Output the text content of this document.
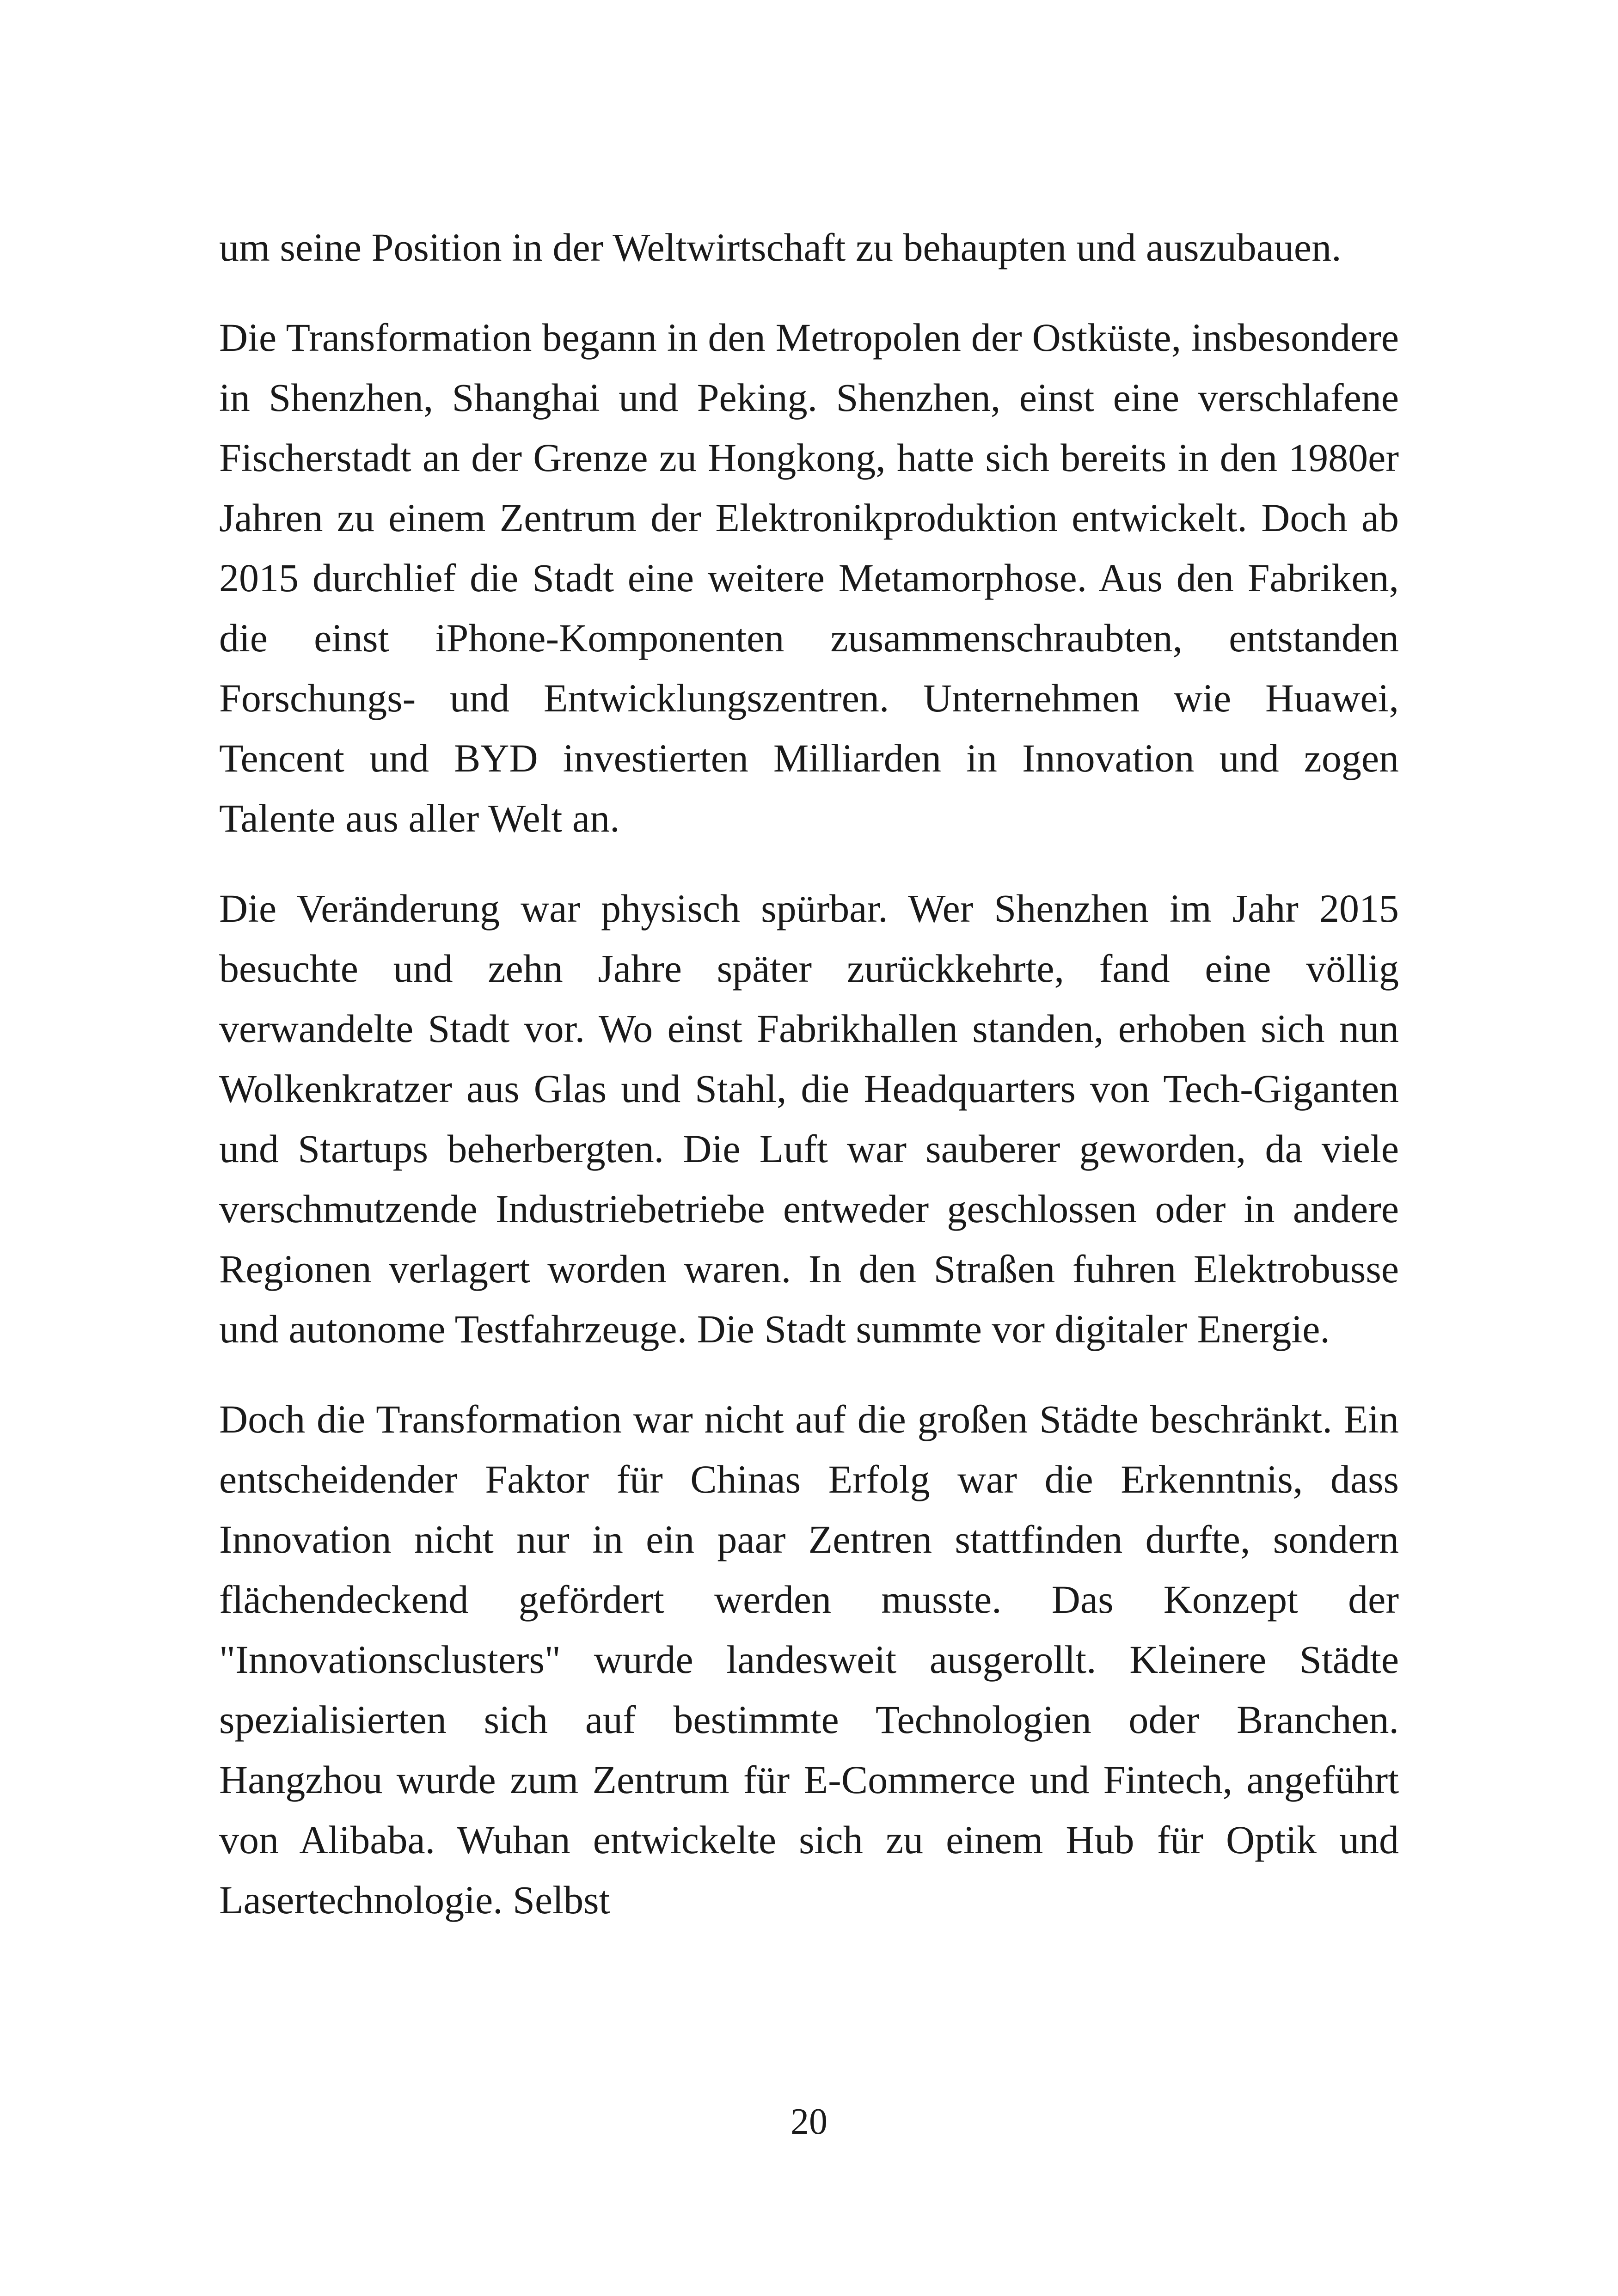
um seine Position in der Weltwirtschaft zu behaupten und auszubauen.

Die Transformation begann in den Metropolen der Ostküste, insbesondere in Shenzhen, Shanghai und Peking. Shenzhen, einst eine verschlafene Fischerstadt an der Grenze zu Hongkong, hatte sich bereits in den 1980er Jahren zu einem Zentrum der Elektronikproduktion entwickelt. Doch ab 2015 durchlief die Stadt eine weitere Metamorphose. Aus den Fabriken, die einst iPhone-Komponenten zusammenschraubten, entstanden Forschungs- und Entwicklungszentren. Unternehmen wie Huawei, Tencent und BYD investierten Milliarden in Innovation und zogen Talente aus aller Welt an.

Die Veränderung war physisch spürbar. Wer Shenzhen im Jahr 2015 besuchte und zehn Jahre später zurückkehrte, fand eine völlig verwandelte Stadt vor. Wo einst Fabrikhallen standen, erhoben sich nun Wolkenkratzer aus Glas und Stahl, die Headquarters von Tech-Giganten und Startups beherbergten. Die Luft war sauberer geworden, da viele verschmutzende Industriebetriebe entweder geschlossen oder in andere Regionen verlagert worden waren. In den Straßen fuhren Elektrobusse und autonome Testfahrzeuge. Die Stadt summte vor digitaler Energie.

Doch die Transformation war nicht auf die großen Städte beschränkt. Ein entscheidender Faktor für Chinas Erfolg war die Erkenntnis, dass Innovation nicht nur in ein paar Zentren stattfinden durfte, sondern flächendeckend gefördert werden musste. Das Konzept der "Innovationsclusters" wurde landesweit ausgerollt. Kleinere Städte spezialisierten sich auf bestimmte Technologien oder Branchen. Hangzhou wurde zum Zentrum für E-Commerce und Fintech, angeführt von Alibaba. Wuhan entwickelte sich zu einem Hub für Optik und Lasertechnologie. Selbst

20
